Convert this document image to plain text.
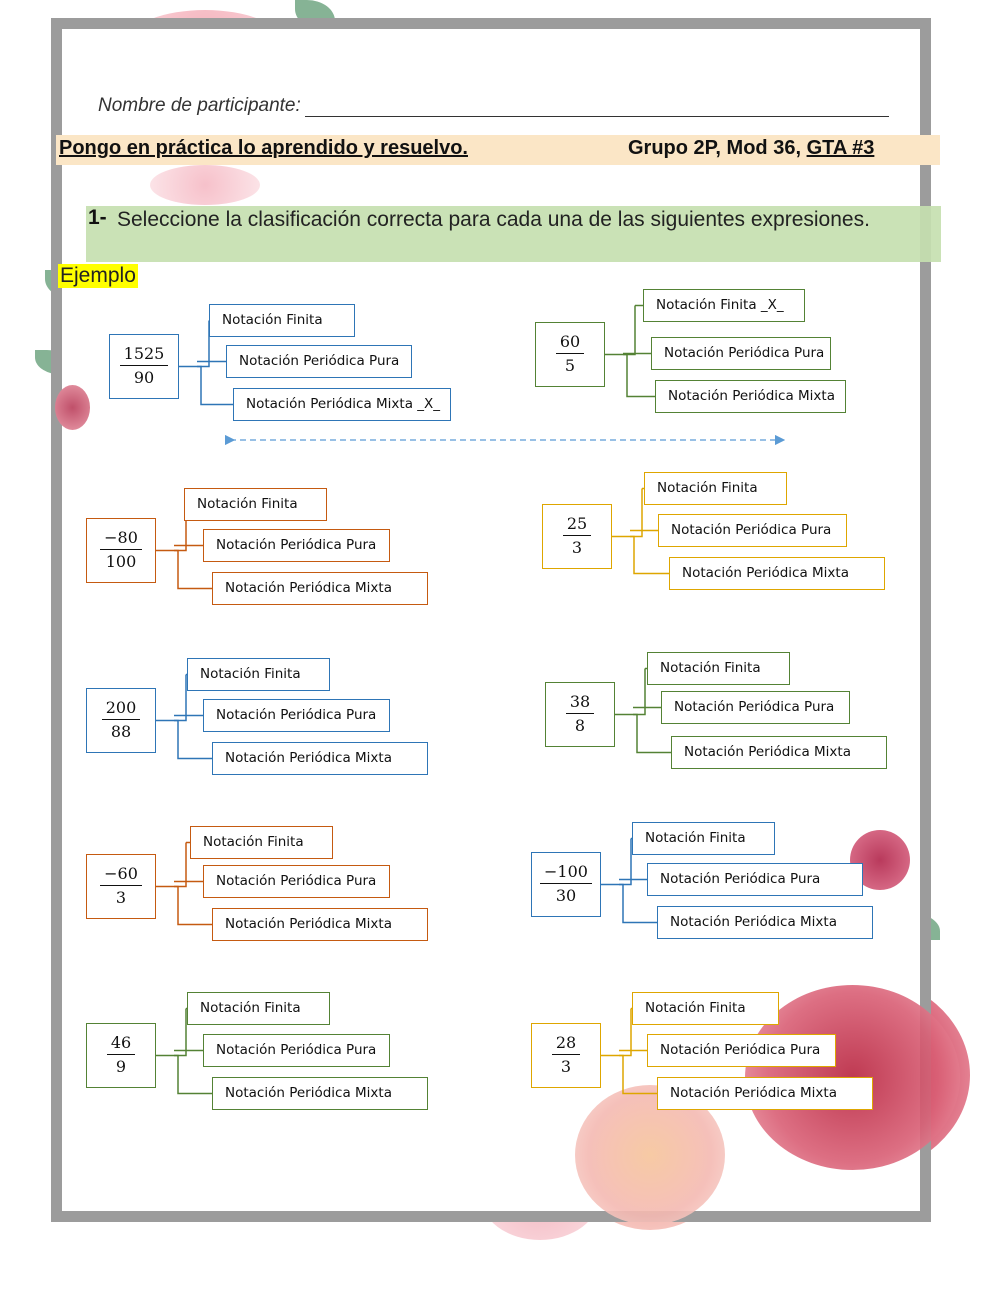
Nombre de participante:
Pongo en práctica lo aprendido y resuelvo.	Grupo 2P, Mod 36, GTA #3
1- Seleccione la clasificación correcta para cada una de las siguientes expresiones.
Ejemplo
$\frac{1525}{90}$
Notación Finita
Notación Periódica Pura
Notación Periódica Mixta _X_
$\frac{60}{5}$
Notación Finita _X_
Notación Periódica Pura
Notación Periódica Mixta
$\frac{-80}{100}$
Notación Finita
Notación Periódica Pura
Notación Periódica Mixta
$\frac{25}{3}$
Notación Finita
Notación Periódica Pura
Notación Periódica Mixta
$\frac{200}{88}$
Notación Finita
Notación Periódica Pura
Notación Periódica Mixta
$\frac{38}{8}$
Notación Finita
Notación Periódica Pura
Notación Periódica Mixta
$\frac{-60}{3}$
Notación Finita
Notación Periódica Pura
Notación Periódica Mixta
$\frac{-100}{30}$
Notación Finita
Notación Periódica Pura
Notación Periódica Mixta
$\frac{46}{9}$
Notación Finita
Notación Periódica Pura
Notación Periódica Mixta
$\frac{28}{3}$
Notación Finita
Notación Periódica Pura
Notación Periódica Mixta
